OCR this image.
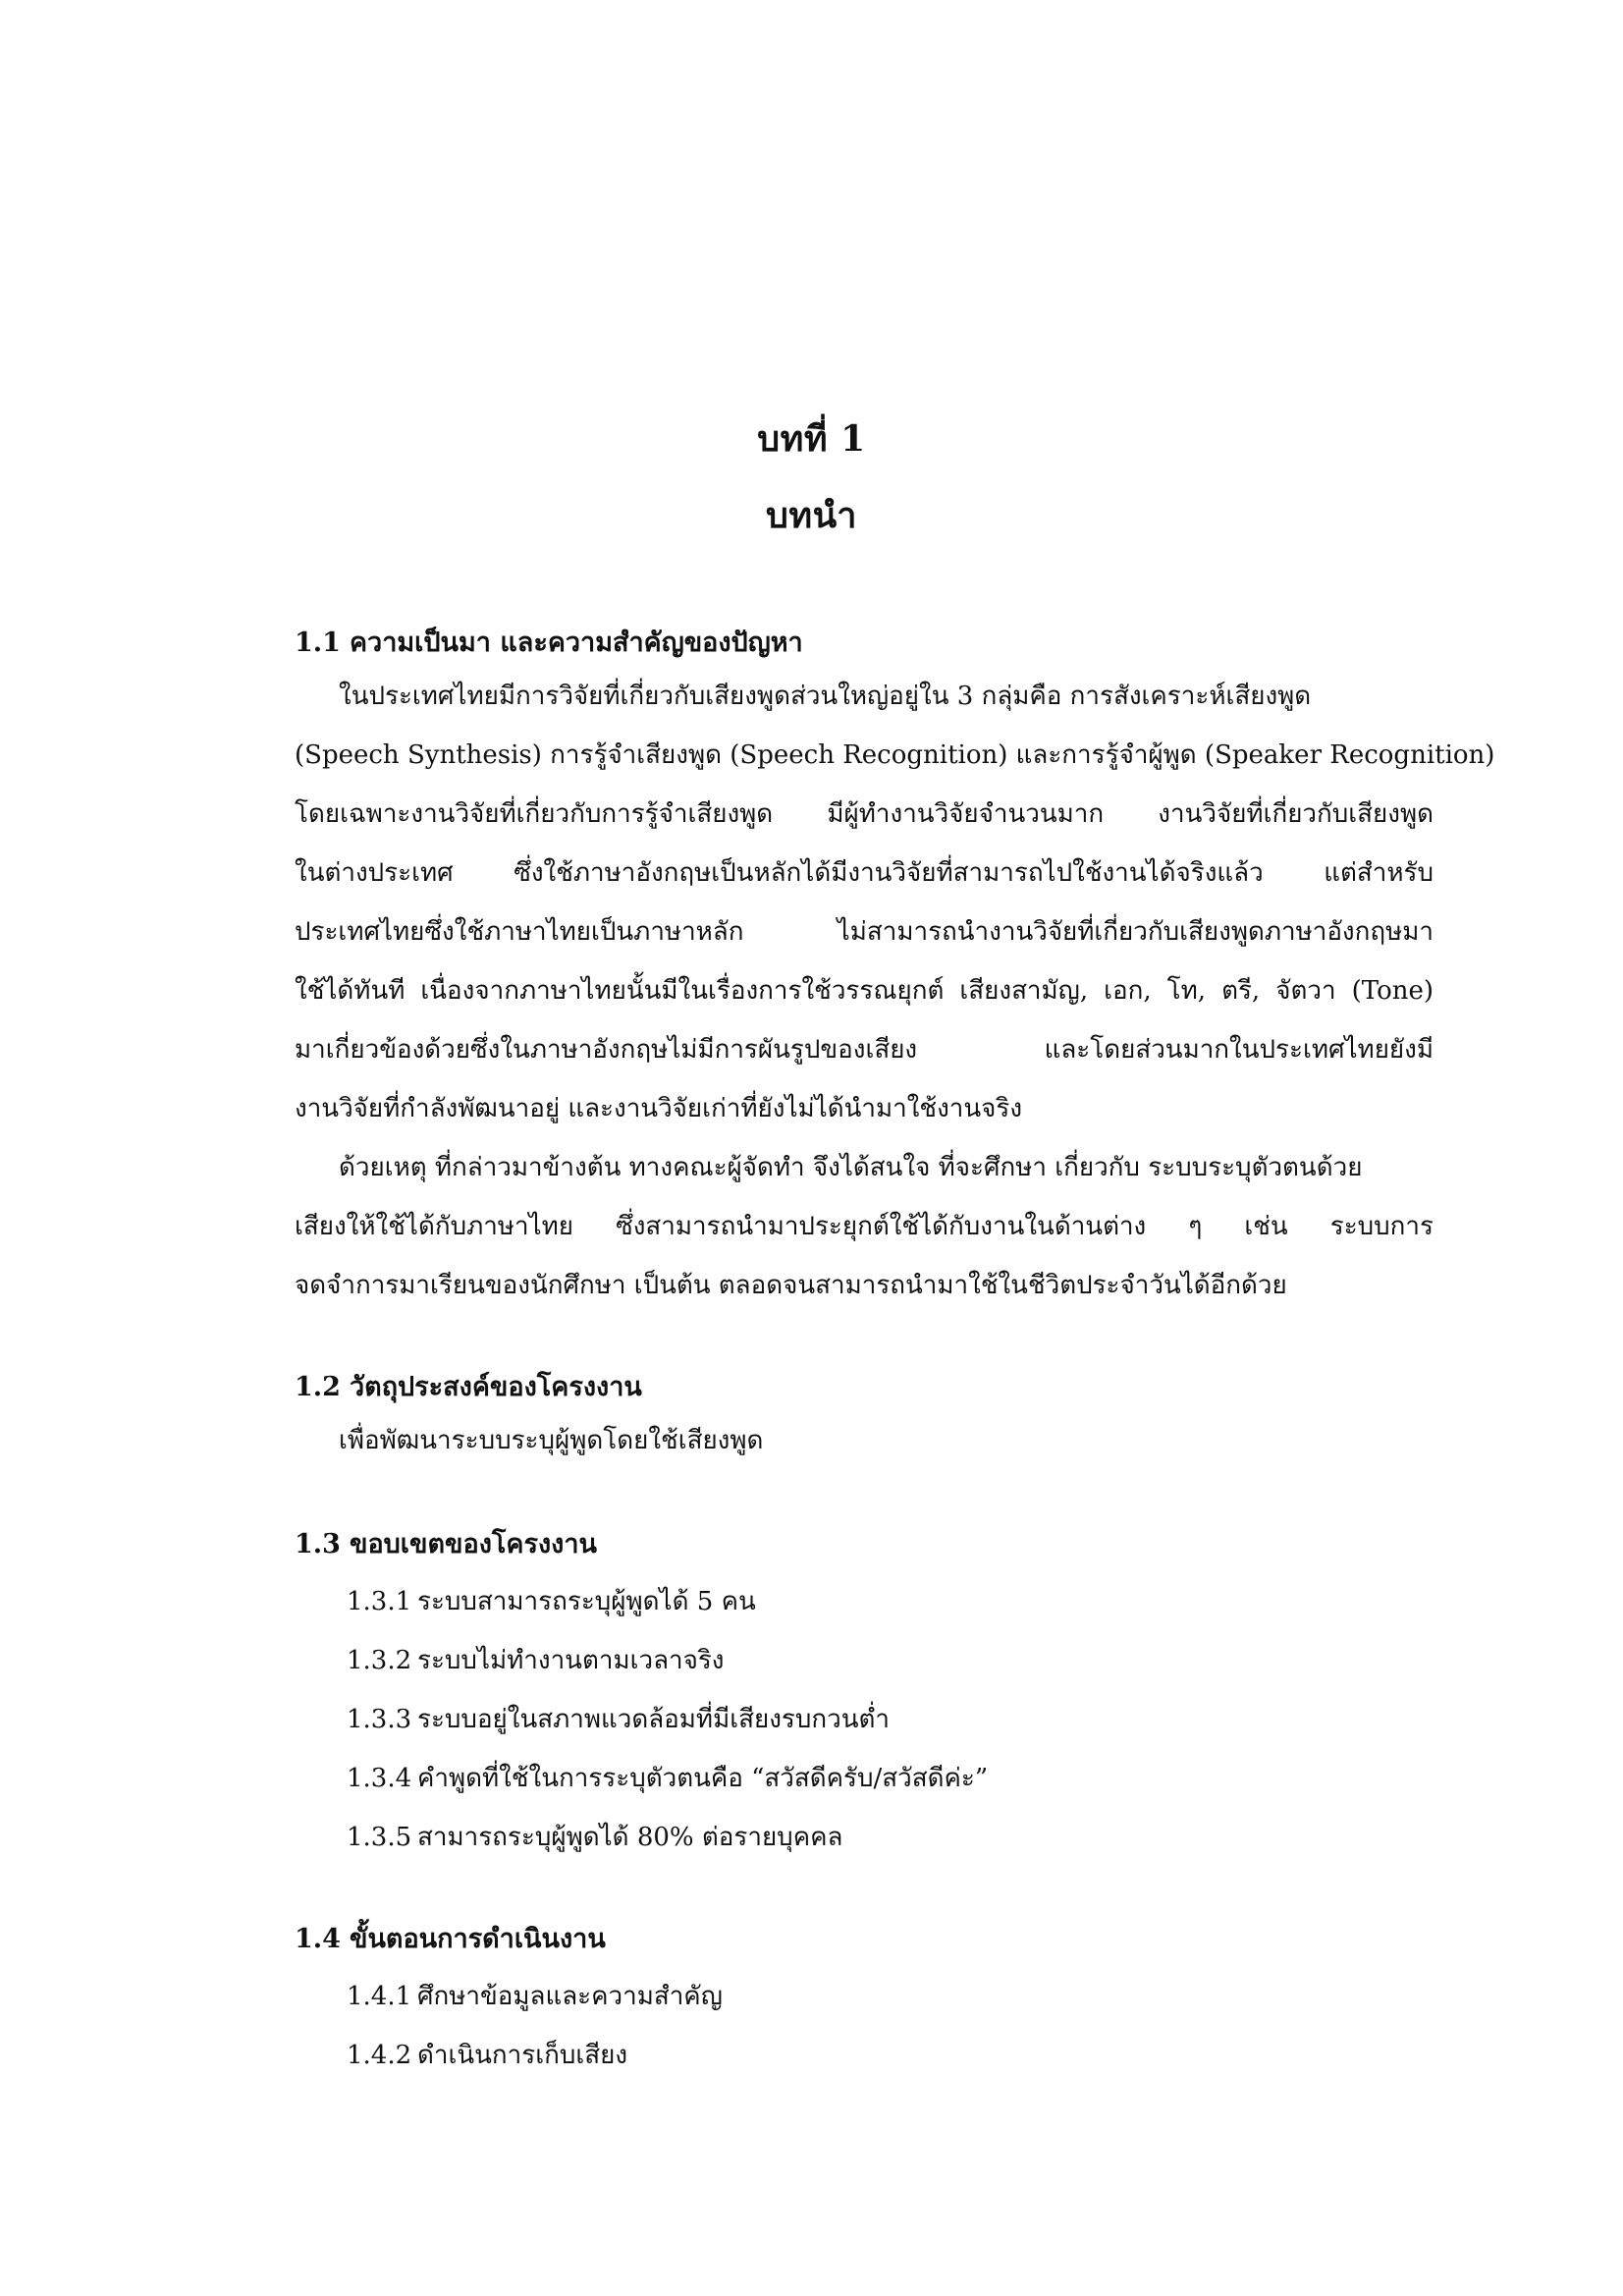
บทที่ 1
บทนำ
1.1 ความเป็นมา และความสำคัญของปัญหา
ในประเทศไทยมีการวิจัยที่เกี่ยวกับเสียงพูดส่วนใหญ่อยู่ใน 3 กลุ่มคือ การสังเคราะห์เสียงพูด
(Speech Synthesis) การรู้จำเสียงพูด (Speech Recognition) และการรู้จำผู้พูด (Speaker Recognition)
โดยเฉพาะงานวิจัยที่เกี่ยวกับการรู้จำเสียงพูด มีผู้ทำงานวิจัยจำนวนมาก งานวิจัยที่เกี่ยวกับเสียงพูด
ในต่างประเทศ ซึ่งใช้ภาษาอังกฤษเป็นหลักได้มีงานวิจัยที่สามารถไปใช้งานได้จริงแล้ว แต่สำหรับ
ประเทศไทยซึ่งใช้ภาษาไทยเป็นภาษาหลัก ไม่สามารถนำงานวิจัยที่เกี่ยวกับเสียงพูดภาษาอังกฤษมา
ใช้ได้ทันที เนื่องจากภาษาไทยนั้นมีในเรื่องการใช้วรรณยุกต์ เสียงสามัญ, เอก, โท, ตรี, จัตวา (Tone)
มาเกี่ยวข้องด้วยซึ่งในภาษาอังกฤษไม่มีการผันรูปของเสียง และโดยส่วนมากในประเทศไทยยังมี
งานวิจัยที่กำลังพัฒนาอยู่ และงานวิจัยเก่าที่ยังไม่ได้นำมาใช้งานจริง
ด้วยเหตุ ที่กล่าวมาข้างต้น ทางคณะผู้จัดทำ จึงได้สนใจ ที่จะศึกษา เกี่ยวกับ ระบบระบุตัวตนด้วย
เสียงให้ใช้ได้กับภาษาไทย ซึ่งสามารถนำมาประยุกต์ใช้ได้กับงานในด้านต่าง ๆ เช่น ระบบการ
จดจำการมาเรียนของนักศึกษา เป็นต้น ตลอดจนสามารถนำมาใช้ในชีวิตประจำวันได้อีกด้วย
1.2 วัตถุประสงค์ของโครงงาน
เพื่อพัฒนาระบบระบุผู้พูดโดยใช้เสียงพูด
1.3 ขอบเขตของโครงงาน
1.3.1 ระบบสามารถระบุผู้พูดได้ 5 คน
1.3.2 ระบบไม่ทำงานตามเวลาจริง
1.3.3 ระบบอยู่ในสภาพแวดล้อมที่มีเสียงรบกวนต่ำ
1.3.4 คำพูดที่ใช้ในการระบุตัวตนคือ “สวัสดีครับ/สวัสดีค่ะ”
1.3.5 สามารถระบุผู้พูดได้ 80% ต่อรายบุคคล
1.4 ขั้นตอนการดำเนินงาน
1.4.1 ศึกษาข้อมูลและความสำคัญ
1.4.2 ดำเนินการเก็บเสียง
